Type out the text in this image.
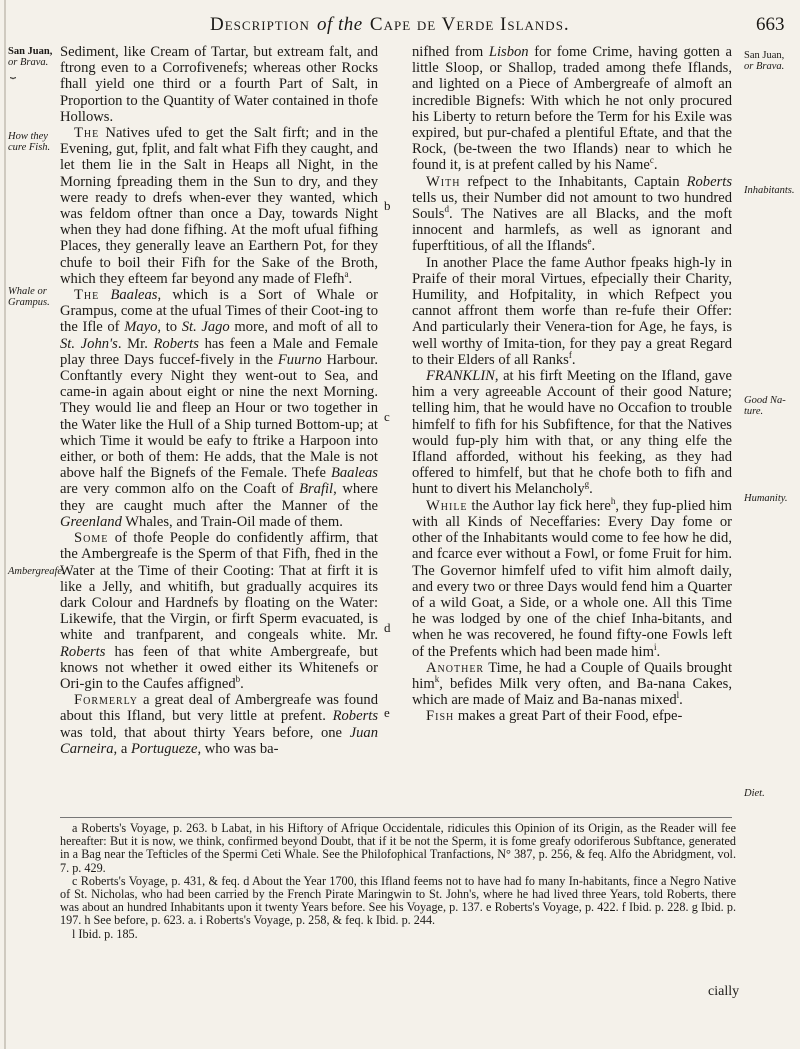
Description of the Cape de Verde Islands.	663
San Juan,
or Brava.
⏟
How they
cure Fish.
Whale or
Grampus.
Ambergreafe.
San Juan,
or Brava.
Inhabitants.
Good Na-
ture.
Humanity.
Diet.
b
c
d
e

Sediment, like Cream of Tartar, but extream falt, and ftrong even to a Corrofivenefs; whereas other Rocks fhall yield one third or a fourth Part of Salt, in Proportion to the Quantity of Water contained in thofe Hollows.

The Natives ufed to get the Salt firft; and in the Evening, gut, fplit, and falt what Fifh they caught, and let them lie in the Salt in Heaps all Night, in the Morning fpreading them in the Sun to dry, and they were ready to drefs when-ever they wanted, which was feldom oftner than once a Day, towards Night when they had done fifhing. At the moft ufual fifhing Places, they generally leave an Earthern Pot, for they chufe to boil their Fifh for the Sake of the Broth, which they efteem far beyond any made of Flefh$^a$.

The Baaleas, which is a Sort of Whale or Grampus, come at the ufual Times of their Coot-ing to the Ifle of Mayo, to St. Jago more, and moft of all to St. John's. Mr. Roberts has feen a Male and Female play three Days fuccef-fively in the Fuurno Harbour. Conftantly every Night they went-out to Sea, and came-in again about eight or nine the next Morning. They would lie and fleep an Hour or two together in the Water like the Hull of a Ship turned Bottom-up; at which Time it would be eafy to ftrike a Harpoon into either, or both of them: He adds, that the Male is not above half the Bignefs of the Female. Thefe Baaleas are very common alfo on the Coaft of Brafil, where they are caught much after the Manner of the Greenland Whales, and Train-Oil made of them.

Some of thofe People do confidently affirm, that the Ambergreafe is the Sperm of that Fifh, fhed in the Water at the Time of their Cooting: That at firft it is like a Jelly, and whitifh, but gradually acquires its dark Colour and Hardnefs by floating on the Water: Likewife, that the Virgin, or firft Sperm evacuated, is white and tranfparent, and congeals white. Mr. Roberts has feen of that white Ambergreafe, but knows not whether it owed either its Whitenefs or Ori-gin to the Caufes affigned$^b$.

Formerly a great deal of Ambergreafe was found about this Ifland, but very little at prefent. Roberts was told, that about thirty Years before, one Juan Carneira, a Portugueze, who was ba-

nifhed from Lisbon for fome Crime, having gotten a little Sloop, or Shallop, traded among thefe Iflands, and lighted on a Piece of Ambergreafe of almoft an incredible Bignefs: With which he not only procured his Liberty to return before the Term for his Exile was expired, but pur-chafed a plentiful Eftate, and that the Rock, (be-tween the two Iflands) near to which he found it, is at prefent called by his Name$^c$.

With refpect to the Inhabitants, Captain Roberts tells us, their Number did not amount to two hundred Souls$^d$. The Natives are all Blacks, and the moft innocent and harmlefs, as well as ignorant and fuperftitious, of all the Iflands$^e$.

In another Place the fame Author fpeaks high-ly in Praife of their moral Virtues, efpecially their Charity, Humility, and Hofpitality, in which Refpect you cannot affront them worfe than re-fufe their Offer: And particularly their Venera-tion for Age, he fays, is well worthy of Imita-tion, for they pay a great Regard to their Elders of all Ranks$^f$.

FRANKLIN, at his firft Meeting on the Ifland, gave him a very agreeable Account of their good Nature; telling him, that he would have no Occafion to trouble himfelf to fifh for his Subfiftence, for that the Natives would fup-ply him with that, or any thing elfe the Ifland afforded, without his feeking, as they had offered to himfelf, but that he chofe both to fifh and hunt to divert his Melancholy$^g$.

While the Author lay fick here$^h$, they fup-plied him with all Kinds of Neceffaries: Every Day fome or other of the Inhabitants would come to fee how he did, and fcarce ever without a Fowl, or fome Fruit for him. The Governor himfelf ufed to vifit him almoft daily, and every two or three Days would fend him a Quarter of a wild Goat, a Side, or a whole one. All this Time he was lodged by one of the chief Inha-bitants, and when he was recovered, he found fifty-one Fowls left of the Prefents which had been made him$^i$.

Another Time, he had a Couple of Quails brought him$^k$, befides Milk very often, and Ba-nana Cakes, which are made of Maiz and Ba-nanas mixed$^l$.

Fish makes a great Part of their Food, efpe-

a Roberts's Voyage, p. 263. b Labat, in his Hiftory of Afrique Occidentale, ridicules this Opinion of its Origin, as the Reader will fee hereafter: But it is now, we think, confirmed beyond Doubt, that if it be not the Sperm, it is fome greafy odoriferous Subftance, generated in a Bag near the Tefticles of the Spermi Ceti Whale. See the Philofophical Tranfactions, N° 387, p. 256, & feq. Alfo the Abridgment, vol. 7. p. 429.

c Roberts's Voyage, p. 431, & feq. d About the Year 1700, this Ifland feems not to have had fo many In-habitants, fince a Negro Native of St. Nicholas, who had been carried by the French Pirate Maringwin to St. John's, where he had lived three Years, told Roberts, there was about an hundred Inhabitants upon it twenty Years before. See his Voyage, p. 137. e Roberts's Voyage, p. 422. f Ibid. p. 228. g Ibid. p. 197. h See before, p. 623. a. i Roberts's Voyage, p. 258, & feq. k Ibid. p. 244.

l Ibid. p. 185.

cially
